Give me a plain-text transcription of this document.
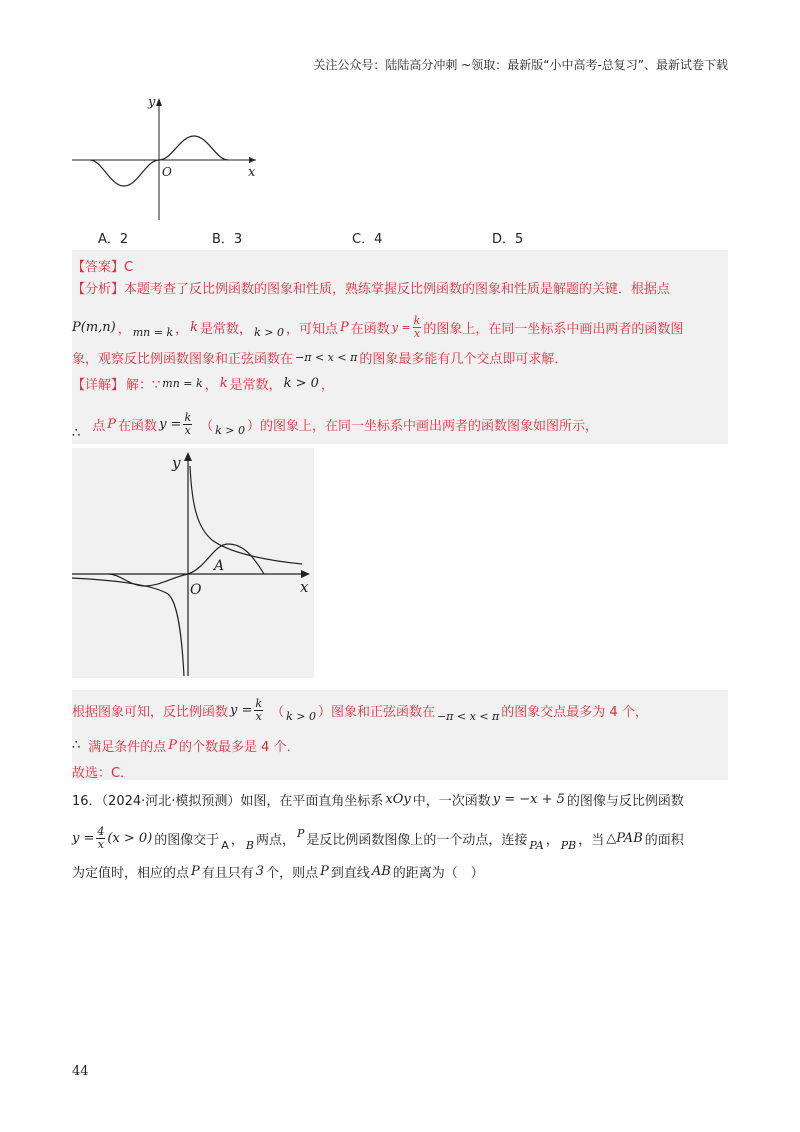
关注公众号：陆陆高分冲刺 ~领取：最新版“小中高考-总复习”、最新试卷下载
y
x
O
A．2	B．3	C．4	D．5
【答案】C
【分析】本题考查了反比例函数的图象和性质，熟练掌握反比例函数的图象和性质是解题的关键．根据点
P(m,n) ， mn = k ， k 是常数， k > 0 ，可知点 P 在函数 $y = \frac{k}{x}$ 的图象上，在同一坐标系中画出两者的函数图
象，观察反比例函数图象和正弦函数在 −π < x < π 的图象最多能有几个交点即可求解．
【详解】 解：∵ mn = k ， k 是常数， k > 0 ，
∴ 点 P 在函数 $y = \frac{k}{x}$ （ k > 0 ）的图象上，在同一坐标系中画出两者的函数图象如图所示，
y
x
O
A
根据图象可知，反比例函数 $y = \frac{k}{x}$ （ k > 0 ）图象和正弦函数在 −π < x < π 的图象交点最多为 4 个，
∴ 满足条件的点 P 的个数最多是 4 个．
故选：C．
16．（2024·河北·模拟预测）如图，在平面直角坐标系 xOy 中，一次函数 y = −x + 5 的图像与反比例函数
$y = \frac{4}{x} (x > 0)$ 的图像交于 A ， B 两点， P 是反比例函数图像上的一个动点，连接 PA ， PB ，当 △PAB 的面积
为定值时，相应的点 P 有且只有 3 个，则点 P 到直线 AB 的距离为（　）
44
